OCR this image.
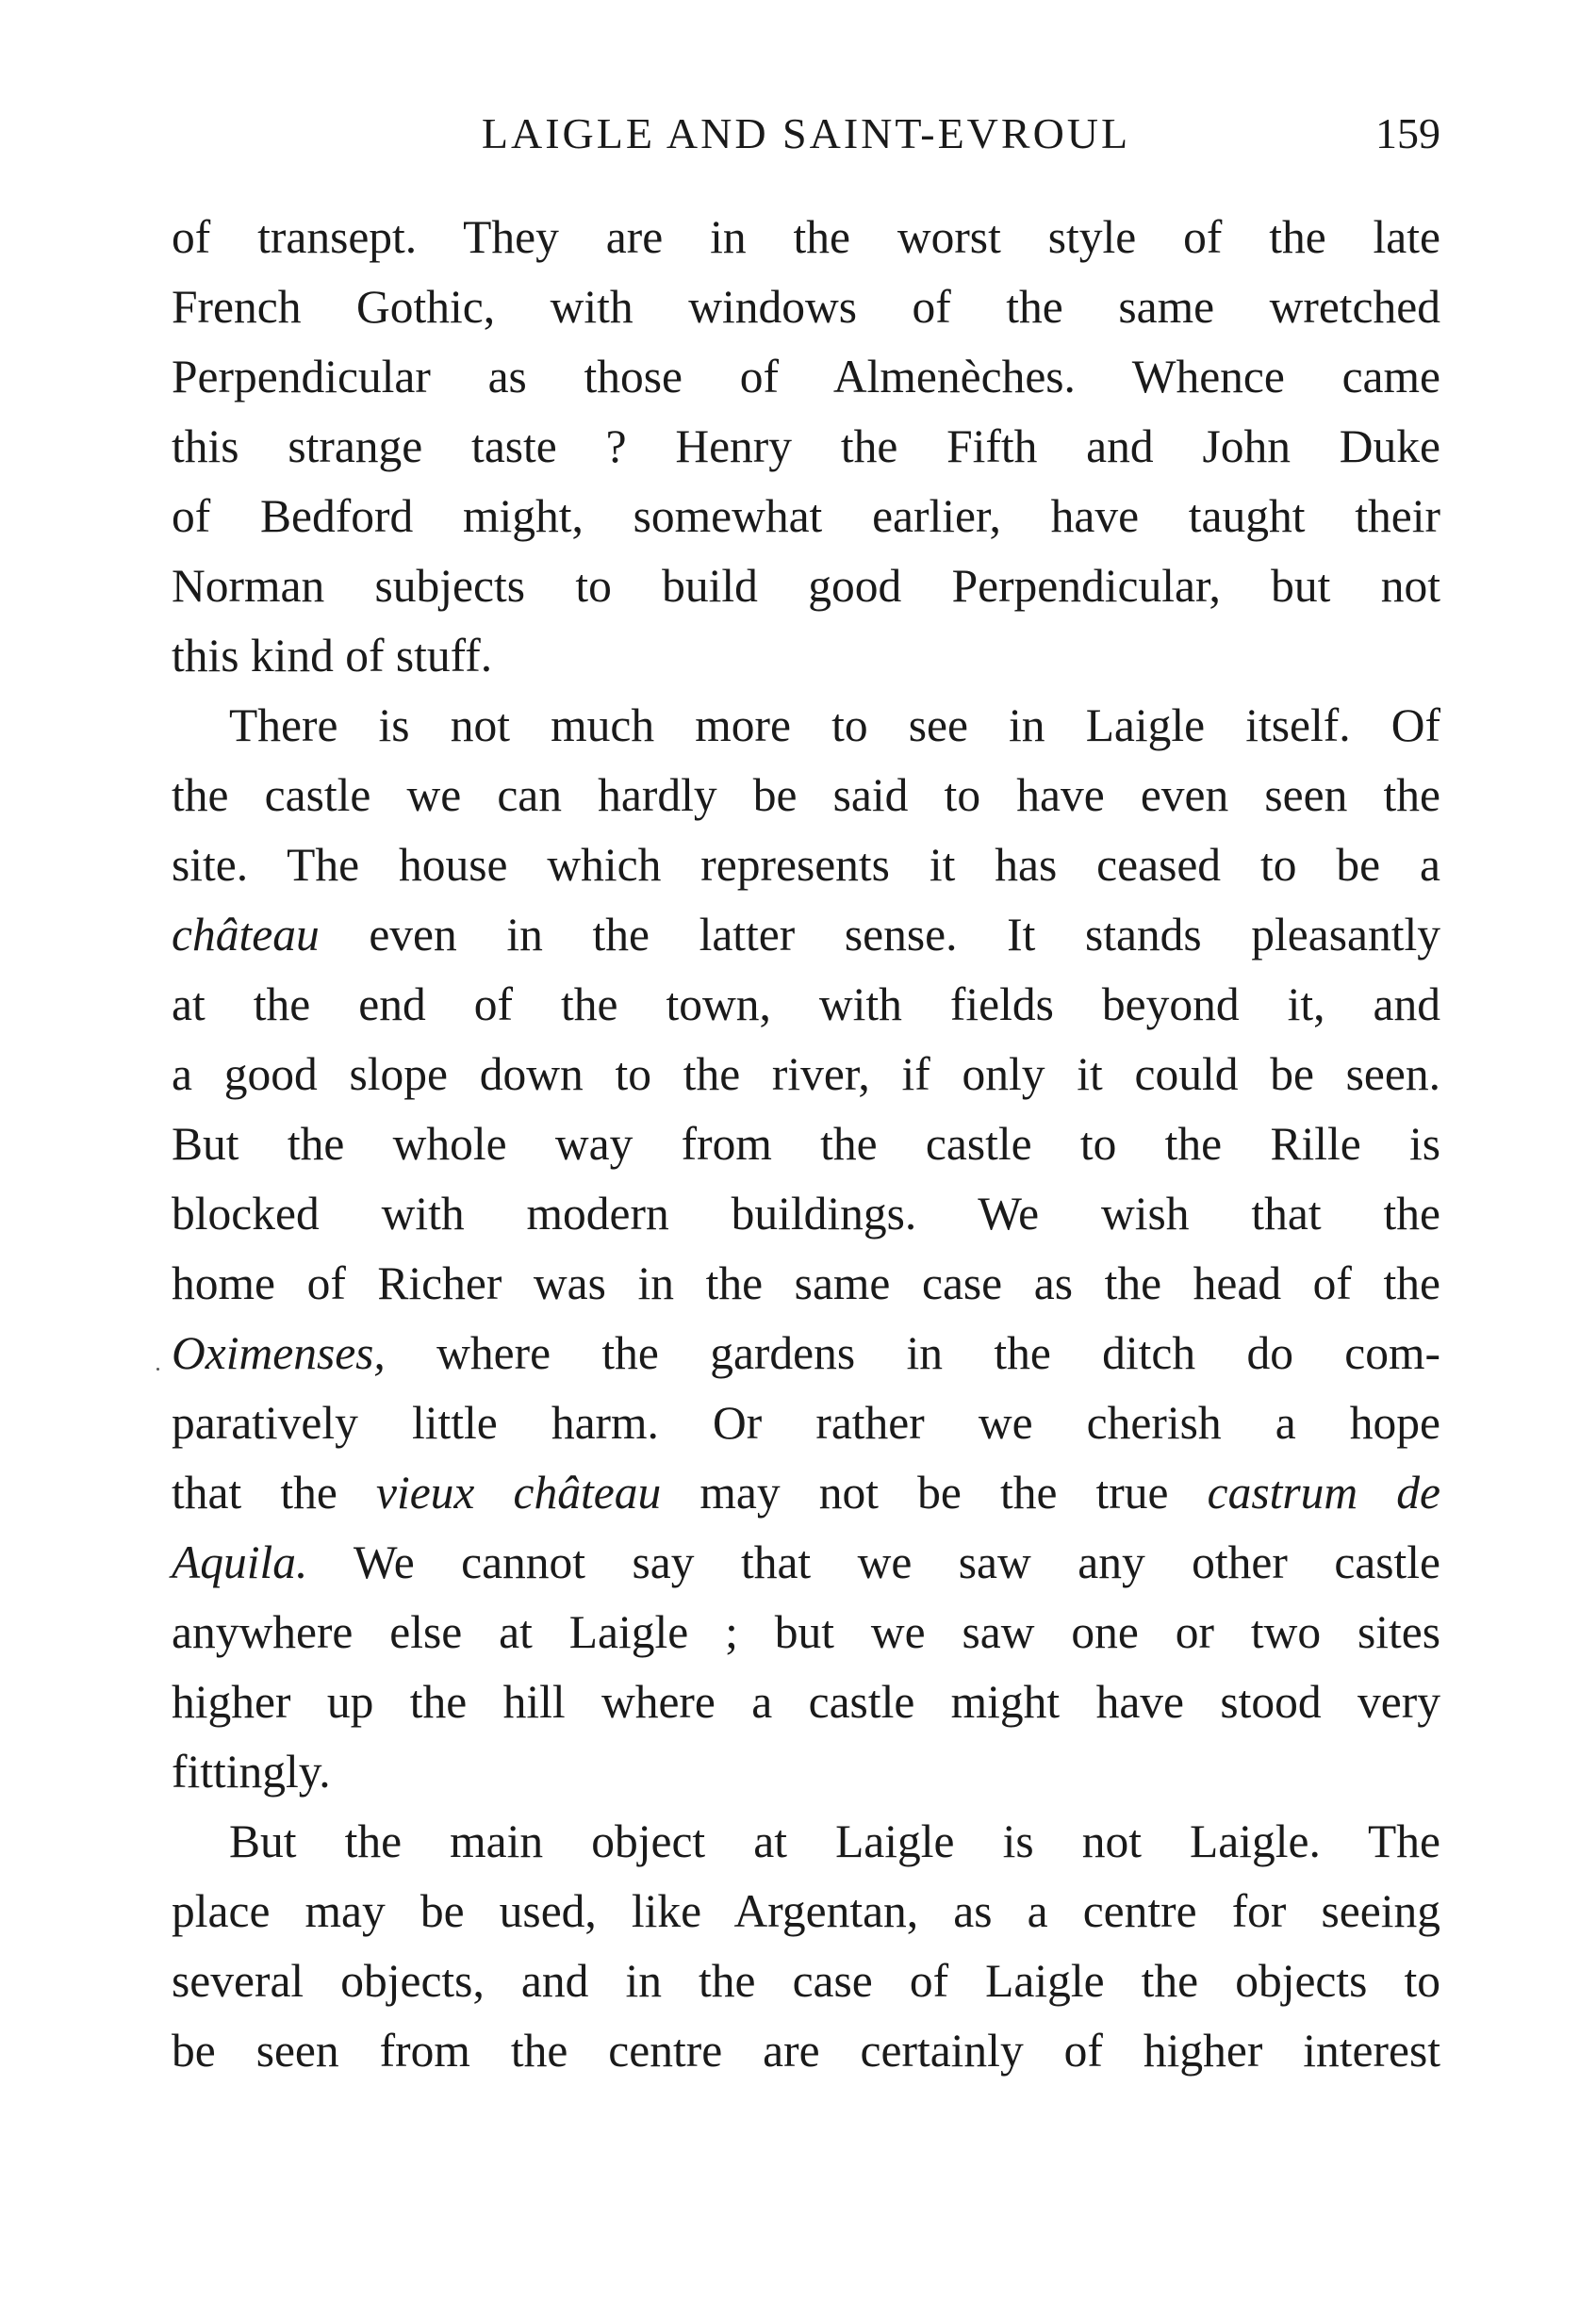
LAIGLE AND SAINT-EVROUL	159
of transept. They are in the worst style of the late
French Gothic, with windows of the same wretched
Perpendicular as those of Almenèches. Whence came
this strange taste ? Henry the Fifth and John Duke
of Bedford might, somewhat earlier, have taught their
Norman subjects to build good Perpendicular, but not
this kind of stuff.
There is not much more to see in Laigle itself. Of
the castle we can hardly be said to have even seen the
site. The house which represents it has ceased to be a
château even in the latter sense. It stands pleasantly
at the end of the town, with fields beyond it, and
a good slope down to the river, if only it could be seen.
But the whole way from the castle to the Rille is
blocked with modern buildings. We wish that the
home of Richer was in the same case as the head of the
Oximenses, where the gardens in the ditch do com-
paratively little harm. Or rather we cherish a hope
that the vieux château may not be the true castrum de
Aquila. We cannot say that we saw any other castle
anywhere else at Laigle ; but we saw one or two sites
higher up the hill where a castle might have stood very
fittingly.
But the main object at Laigle is not Laigle. The
place may be used, like Argentan, as a centre for seeing
several objects, and in the case of Laigle the objects to
be seen from the centre are certainly of higher interest
